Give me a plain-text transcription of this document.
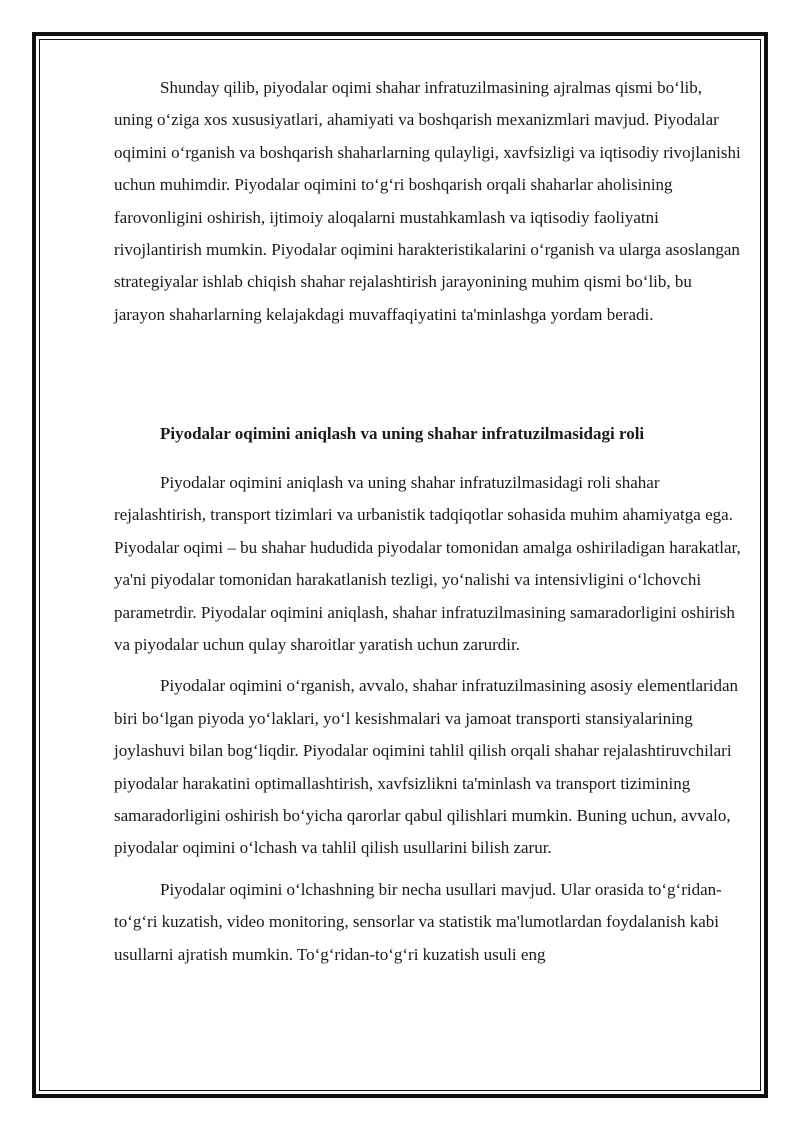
Shunday qilib, piyodalar oqimi shahar infratuzilmasining ajralmas qismi bo‘lib, uning o‘ziga xos xususiyatlari, ahamiyati va boshqarish mexanizmlari mavjud. Piyodalar oqimini o‘rganish va boshqarish shaharlarning qulayligi, xavfsizligi va iqtisodiy rivojlanishi uchun muhimdir. Piyodalar oqimini to‘g‘ri boshqarish orqali shaharlar aholisining farovonligini oshirish, ijtimoiy aloqalarni mustahkamlash va iqtisodiy faoliyatni rivojlantirish mumkin. Piyodalar oqimini harakteristikalarini o‘rganish va ularga asoslangan strategiyalar ishlab chiqish shahar rejalashtirish jarayonining muhim qismi bo‘lib, bu jarayon shaharlarning kelajakdagi muvaffaqiyatini ta'minlashga yordam beradi.

Piyodalar oqimini aniqlash va uning shahar infratuzilmasidagi roli

Piyodalar oqimini aniqlash va uning shahar infratuzilmasidagi roli shahar rejalashtirish, transport tizimlari va urbanistik tadqiqotlar sohasida muhim ahamiyatga ega. Piyodalar oqimi – bu shahar hududida piyodalar tomonidan amalga oshiriladigan harakatlar, ya'ni piyodalar tomonidan harakatlanish tezligi, yo‘nalishi va intensivligini o‘lchovchi parametrdir. Piyodalar oqimini aniqlash, shahar infratuzilmasining samaradorligini oshirish va piyodalar uchun qulay sharoitlar yaratish uchun zarurdir.

Piyodalar oqimini o‘rganish, avvalo, shahar infratuzilmasining asosiy elementlaridan biri bo‘lgan piyoda yo‘laklari, yo‘l kesishmalari va jamoat transporti stansiyalarining joylashuvi bilan bog‘liqdir. Piyodalar oqimini tahlil qilish orqali shahar rejalashtiruvchilari piyodalar harakatini optimallashtirish, xavfsizlikni ta'minlash va transport tizimining samaradorligini oshirish bo‘yicha qarorlar qabul qilishlari mumkin. Buning uchun, avvalo, piyodalar oqimini o‘lchash va tahlil qilish usullarini bilish zarur.

Piyodalar oqimini o‘lchashning bir necha usullari mavjud. Ular orasida to‘g‘ridan-to‘g‘ri kuzatish, video monitoring, sensorlar va statistik ma'lumotlardan foydalanish kabi usullarni ajratish mumkin. To‘g‘ridan-to‘g‘ri kuzatish usuli eng
